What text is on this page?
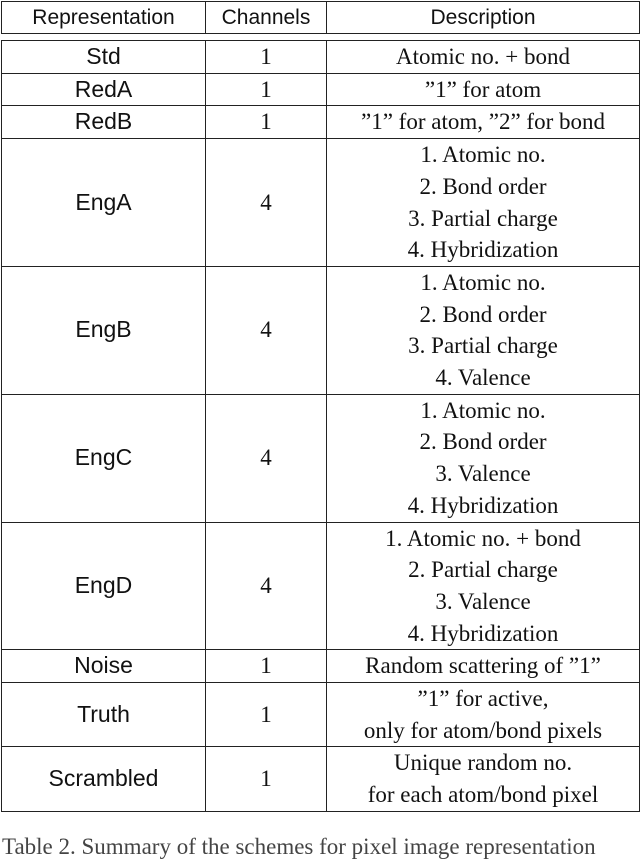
Representation	Channels	Description

Std	1	Atomic no. + bond

RedA	1	”1” for atom

RedB	1	”1” for atom, ”2” for bond

EngA	4	1. Atomic no.
2. Bond order
3. Partial charge
4. Hybridization

EngB	4	1. Atomic no.
2. Bond order
3. Partial charge
4. Valence

EngC	4	1. Atomic no.
2. Bond order
3. Valence
4. Hybridization

EngD	4	1. Atomic no. + bond
2. Partial charge
3. Valence
4. Hybridization

Noise	1	Random scattering of ”1”

Truth	1	”1” for active,
only for atom/bond pixels

Scrambled	1	Unique random no.
for each atom/bond pixel
Table 2. Summary of the schemes for pixel image representation
